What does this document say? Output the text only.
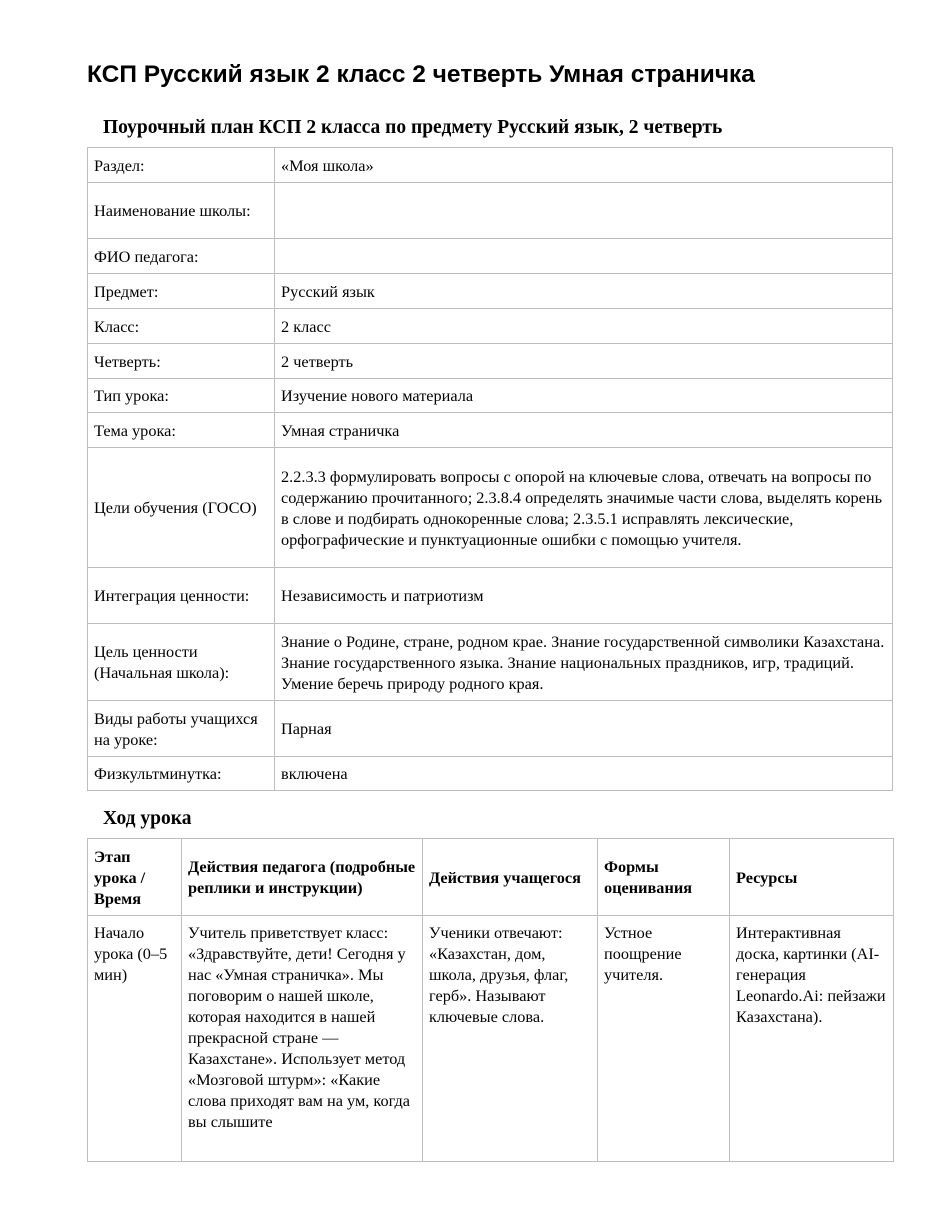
КСП Русский язык 2 класс 2 четверть Умная страничка
Поурочный план КСП 2 класса по предмету Русский язык, 2 четверть
Раздел:	«Моя школа»
Наименование школы:	
ФИО педагога:	
Предмет:	Русский язык
Класс:	2 класс
Четверть:	2 четверть
Тип урока:	Изучение нового материала
Тема урока:	Умная страничка
Цели обучения (ГОСО)	2.2.3.3 формулировать вопросы с опорой на ключевые слова, отвечать на вопросы по содержанию прочитанного; 2.3.8.4 определять значимые части слова, выделять корень в слове и подбирать однокоренные слова; 2.3.5.1 исправлять лексические, орфографические и пунктуационные ошибки с помощью учителя.
Интеграция ценности:	Независимость и патриотизм
Цель ценности (Начальная школа):	Знание о Родине, стране, родном крае. Знание государственной символики Казахстана. Знание государственного языка. Знание национальных праздников, игр, традиций. Умение беречь природу родного края.
Виды работы учащихся на уроке:	Парная
Физкультминутка:	включена
Ход урока
Этап урока / Время	Действия педагога (подробные реплики и инструкции)	Действия учащегося	Формы оценивания	Ресурсы
Начало урока (0–5 мин)	Учитель приветствует класс: «Здравствуйте, дети! Сегодня у нас «Умная страничка». Мы поговорим о нашей школе, которая находится в нашей прекрасной стране — Казахстане». Использует метод «Мозговой штурм»: «Какие слова приходят вам на ум, когда вы слышите	Ученики отвечают: «Казахстан, дом, школа, друзья, флаг, герб». Называют ключевые слова.	Устное поощрение учителя.	Интерактивная доска, картинки (AI-генерация Leonardo.Ai: пейзажи Казахстана).
